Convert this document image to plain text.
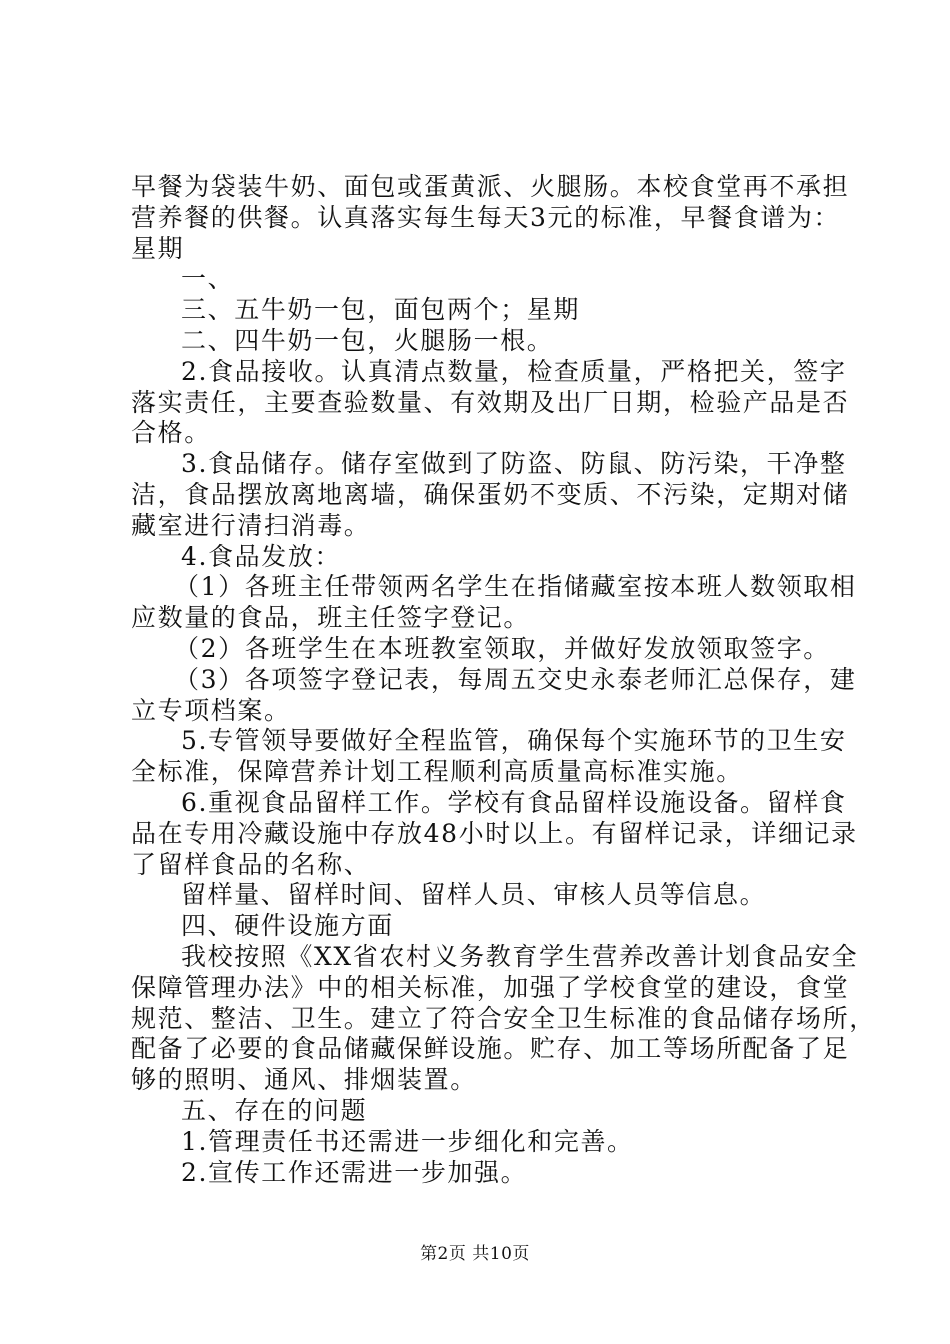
早餐为袋装牛奶、面包或蛋黄派、火腿肠。本校食堂再不承担
营养餐的供餐。认真落实每生每天3元的标准，早餐食谱为：
星期
一、
三、五牛奶一包，面包两个；星期
二、四牛奶一包，火腿肠一根。
2.食品接收。认真清点数量，检查质量，严格把关，签字
落实责任，主要查验数量、有效期及出厂日期，检验产品是否
合格。
3.食品储存。储存室做到了防盗、防鼠、防污染，干净整
洁，食品摆放离地离墙，确保蛋奶不变质、不污染，定期对储
藏室进行清扫消毒。
4.食品发放：
（1）各班主任带领两名学生在指储藏室按本班人数领取相
应数量的食品，班主任签字登记。
（2）各班学生在本班教室领取，并做好发放领取签字。
（3）各项签字登记表，每周五交史永泰老师汇总保存，建
立专项档案。
5.专管领导要做好全程监管，确保每个实施环节的卫生安
全标准，保障营养计划工程顺利高质量高标准实施。
6.重视食品留样工作。学校有食品留样设施设备。留样食
品在专用冷藏设施中存放48小时以上。有留样记录，详细记录
了留样食品的名称、
留样量、留样时间、留样人员、审核人员等信息。
四、硬件设施方面
我校按照《XX省农村义务教育学生营养改善计划食品安全
保障管理办法》中的相关标准，加强了学校食堂的建设，食堂
规范、整洁、卫生。建立了符合安全卫生标准的食品储存场所，
配备了必要的食品储藏保鲜设施。贮存、加工等场所配备了足
够的照明、通风、排烟装置。
五、存在的问题
1.管理责任书还需进一步细化和完善。
2.宣传工作还需进一步加强。
第2页 共10页
